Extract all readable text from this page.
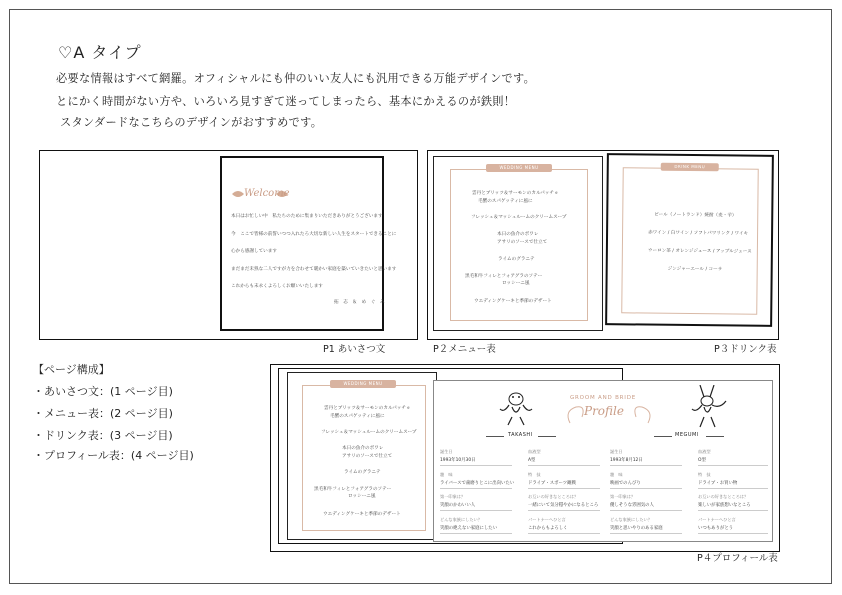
♡A タイプ
必要な情報はすべて網羅。オフィシャルにも仲のいい友人にも汎用できる万能デザインです。
とにかく時間がない方や、いろいろ見すぎて迷ってしまったら、基本にかえるのが鉄則！
スタンダードなこちらのデザインがおすすめです。
Welcome
本日はお忙しい中　私たちのために集まりいただきありがとうございます
今　ここで皆様の前誓いつつ入れたろ大切な新しい人生をスタートできることに
心から感謝しています
まだまだ未熟な二人ですが力を合わせて暖かい家庭を築いていきたいと思います
これからも末永くよろしくお願いいたします
拓　志　＆　め　ぐ　み
P1 あいさつ文
WEDDING MENU
雲丹とブリッツ＆サーモンのカルパッチョ
毛蟹のスパゲッティに風に
フレッシュ＆マッシュルームのクリームスープ
本日の魚介のポワレ
アサリのソースで仕立て
ライムのグラニテ
黒毛和牛フィレとフォアグラのソテー
ロッシーニ風
ウエディングケーキと季節のデザート
DRINK MENU
ビール（ノートランド）焼酎（麦・芋）
赤ワイン / 白ワイン / ソフトパワリンク / ワイキ
ウーロン茶 / オレンジジュース / アップルジュース
ジンジャーエール / コーラ
P２メニュー表	P３ドリンク表
【ページ構成】
・あいさつ文：(1 ページ目)
・メニュー表：(2 ページ目)
・ドリンク表：(3 ページ目)
・プロフィール表：(4 ページ目)
WEDDING MENU
雲丹とブリッツ＆サーモンのカルパッチョ
毛蟹のスパゲッティに風に
フレッシュ＆マッシュルームのクリームスープ
本日の魚介のポワレ
アサリのソースで仕立て
ライムのグラニテ
黒毛和牛フィレとフォアグラのソテー
ロッシーニ風
ウエディングケーキと季節のデザート
TAKASHI	MEGUMI
GROOM AND BRIDE
Profile
誕生日
1993年10月30日
血液型
A型
趣　味
ライバースで歯磨りとこに出向いたい
特　技
ドライブ・スポーツ観戦
第一印象は？
笑顔のかわいい人
お互いの好きなところは？
一緒にいて気分穏やかになるところ
どんな家族にしたい？
笑顔の絶えない家庭にしたい
パートナーへひと言
これからもよろしく
誕生日
1993年8月12日
血液型
O型
趣　味
映画でのんびり
特　技
ドライブ・お買い物
第一印象は？
優しそうな雰囲気の人
お互いの好きなところは？
楽しいが家族想いなところ
どんな家族にしたい？
笑顔と思いやりのある家庭
パートナーへひと言
いつもありがとう
P４プロフィール表
